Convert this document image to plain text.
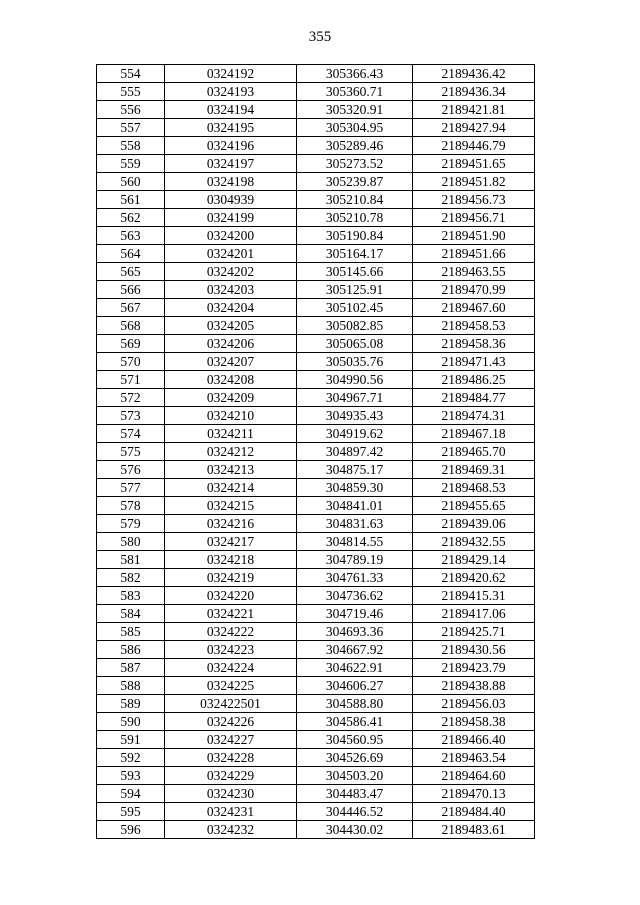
355
554	0324192	305366.43	2189436.42
555	0324193	305360.71	2189436.34
556	0324194	305320.91	2189421.81
557	0324195	305304.95	2189427.94
558	0324196	305289.46	2189446.79
559	0324197	305273.52	2189451.65
560	0324198	305239.87	2189451.82
561	0304939	305210.84	2189456.73
562	0324199	305210.78	2189456.71
563	0324200	305190.84	2189451.90
564	0324201	305164.17	2189451.66
565	0324202	305145.66	2189463.55
566	0324203	305125.91	2189470.99
567	0324204	305102.45	2189467.60
568	0324205	305082.85	2189458.53
569	0324206	305065.08	2189458.36
570	0324207	305035.76	2189471.43
571	0324208	304990.56	2189486.25
572	0324209	304967.71	2189484.77
573	0324210	304935.43	2189474.31
574	0324211	304919.62	2189467.18
575	0324212	304897.42	2189465.70
576	0324213	304875.17	2189469.31
577	0324214	304859.30	2189468.53
578	0324215	304841.01	2189455.65
579	0324216	304831.63	2189439.06
580	0324217	304814.55	2189432.55
581	0324218	304789.19	2189429.14
582	0324219	304761.33	2189420.62
583	0324220	304736.62	2189415.31
584	0324221	304719.46	2189417.06
585	0324222	304693.36	2189425.71
586	0324223	304667.92	2189430.56
587	0324224	304622.91	2189423.79
588	0324225	304606.27	2189438.88
589	032422501	304588.80	2189456.03
590	0324226	304586.41	2189458.38
591	0324227	304560.95	2189466.40
592	0324228	304526.69	2189463.54
593	0324229	304503.20	2189464.60
594	0324230	304483.47	2189470.13
595	0324231	304446.52	2189484.40
596	0324232	304430.02	2189483.61
